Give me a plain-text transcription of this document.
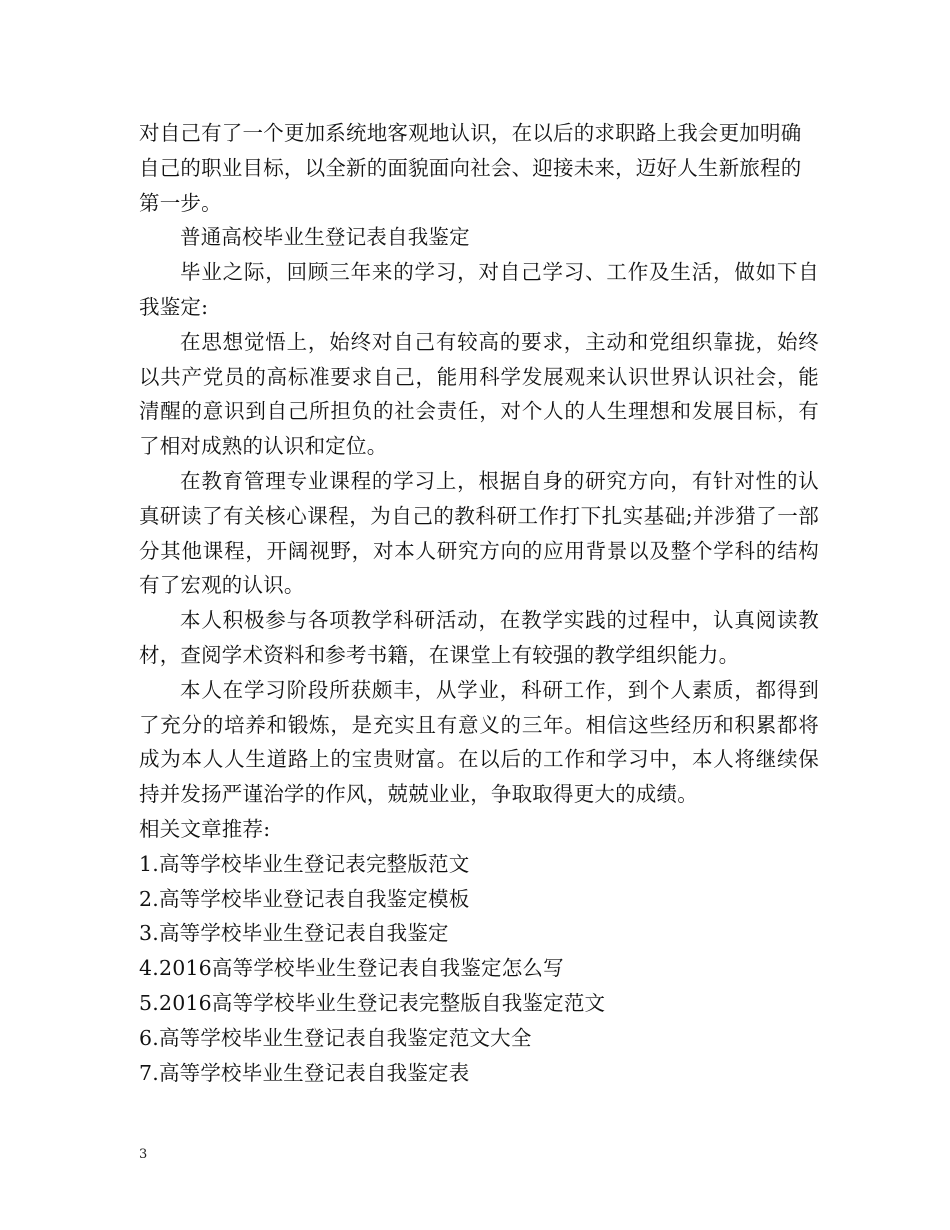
对自己有了一个更加系统地客观地认识，在以后的求职路上我会更加明确自己的职业目标，以全新的面貌面向社会、迎接未来，迈好人生新旅程的第一步。

普通高校毕业生登记表自我鉴定

毕业之际，回顾三年来的学习，对自己学习、工作及生活，做如下自我鉴定:

在思想觉悟上，始终对自己有较高的要求，主动和党组织靠拢，始终以共产党员的高标准要求自己，能用科学发展观来认识世界认识社会，能清醒的意识到自己所担负的社会责任，对个人的人生理想和发展目标，有了相对成熟的认识和定位。

在教育管理专业课程的学习上，根据自身的研究方向，有针对性的认真研读了有关核心课程，为自己的教科研工作打下扎实基础;并涉猎了一部分其他课程，开阔视野，对本人研究方向的应用背景以及整个学科的结构有了宏观的认识。

本人积极参与各项教学科研活动，在教学实践的过程中，认真阅读教材，查阅学术资料和参考书籍，在课堂上有较强的教学组织能力。

本人在学习阶段所获颇丰，从学业，科研工作，到个人素质，都得到了充分的培养和锻炼，是充实且有意义的三年。相信这些经历和积累都将成为本人人生道路上的宝贵财富。在以后的工作和学习中，本人将继续保持并发扬严谨治学的作风，兢兢业业，争取取得更大的成绩。

相关文章推荐:

1.高等学校毕业生登记表完整版范文

2.高等学校毕业登记表自我鉴定模板

3.高等学校毕业生登记表自我鉴定

4.2016高等学校毕业生登记表自我鉴定怎么写

5.2016高等学校毕业生登记表完整版自我鉴定范文

6.高等学校毕业生登记表自我鉴定范文大全

7.高等学校毕业生登记表自我鉴定表

3
